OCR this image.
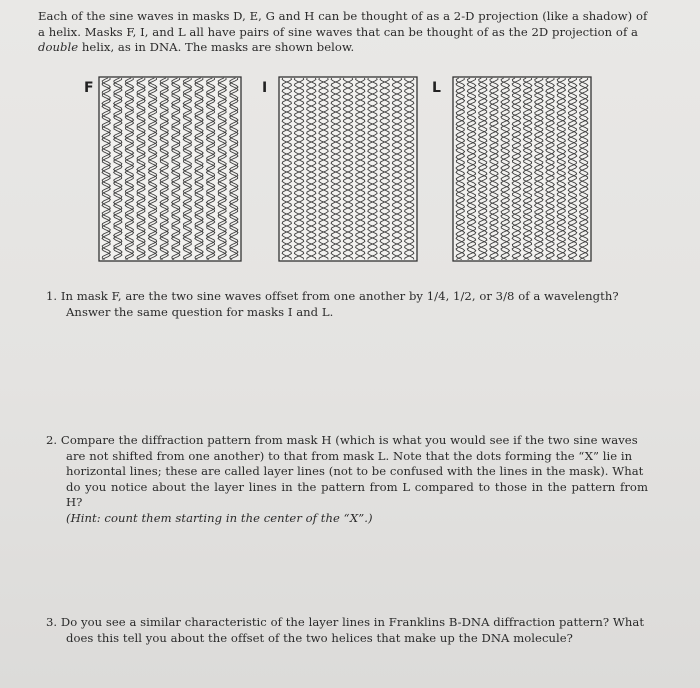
Each of the sine waves in masks D, E, G and H can be thought of as a 2-D projection (like a shadow) of
a helix. Masks F, I, and L all have pairs of sine waves that can be thought of as the 2D projection of a
double helix, as in DNA. The masks are shown below.
F	I	L
1. In mask F, are the two sine waves offset from one another by 1/4, 1/2, or 3/8 of a wavelength?

Answer the same question for masks I and L.
2. Compare the diffraction pattern from mask H (which is what you would see if the two sine waves

are not shifted from one another) to that from mask L. Note that the dots forming the “X” lie in
horizontal lines; these are called layer lines (not to be confused with the lines in the mask). What
do you notice about the layer lines in the pattern from L compared to those in the pattern from H?
(Hint: count them starting in the center of the “X”.)
3. Do you see a similar characteristic of the layer lines in Franklins B-DNA diffraction pattern? What

does this tell you about the offset of the two helices that make up the DNA molecule?
